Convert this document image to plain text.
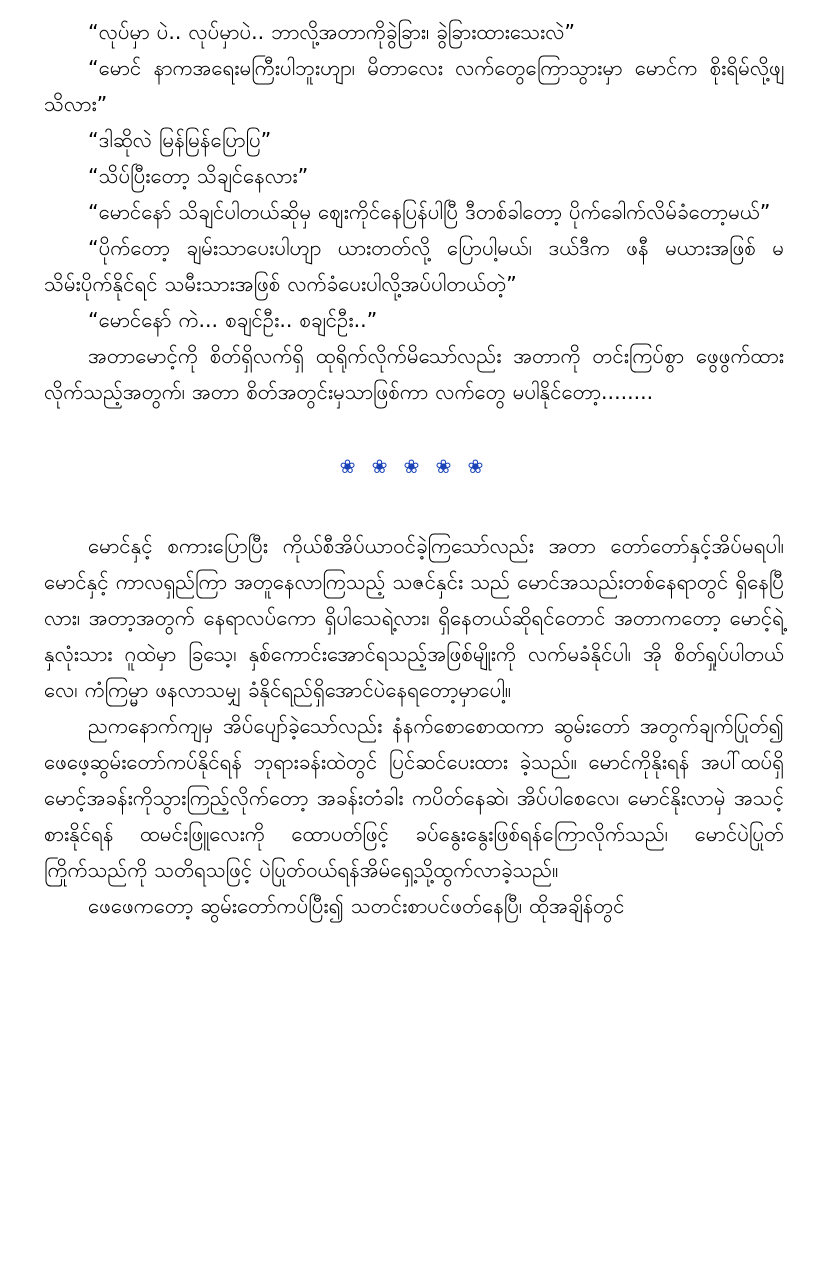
“လုပ်မှာ ပဲ.. လုပ်မှာပဲ.. ဘာလို့အတာကိုခွဲခြား၊ ခွဲခြားထားသေးလဲ”

“မောင် နာကအရေးမကြီးပါဘူးဟျာ၊ မိတာလေး လက်တွေကြောသွားမှာ မောင်က စိုးရိမ်လို့ဖျ သိလား”

“ဒါဆိုလဲ မြန်မြန်ပြောပြ”

“သိပ်ပြီးတော့ သိချင်နေလား”

“မောင်နော် သိချင်ပါတယ်ဆိုမှ ဈေးကိုင်နေပြန်ပါပြီ ဒီတစ်ခါတော့ ပိုက်ခေါက်လိမ်ခံတော့မယ်”

“ပိုက်တော့ ချမ်းသာပေးပါဟျာ ယားတတ်လို့ ပြောပါ့မယ်၊ ဒယ်ဒီက ဖနီ မယားအဖြစ် မသိမ်းပိုက်နိုင်ရင် သမီးသားအဖြစ် လက်ခံပေးပါလို့အပ်ပါတယ်တဲ့”

“မောင်နော် ကဲ... စချင်ဦး.. စချင်ဦး..”

အတာမောင့်ကို စိတ်ရှိလက်ရှိ ထုရိုက်လိုက်မိသော်လည်း အတာကို တင်းကြပ်စွာ ဖွေဖွက်ထားလိုက်သည့်အတွက်၊ အတာ စိတ်အတွင်းမှသာဖြစ်ကာ လက်တွေ မပါနိုင်တော့........

❀ ❀ ❀ ❀ ❀

မောင်နှင့် စကားပြောပြီး ကိုယ်စီအိပ်ယာဝင်ခဲ့ကြသော်လည်း အတာ တော်တော်နှင့်အိပ်မရပါ၊ မောင်နှင့် ကာလရှည်ကြာ အတူနေလာကြသည့် သဇင်နှင်း သည် မောင်အသည်းတစ်နေရာတွင် ရှိနေပြီလား၊ အတာ့အတွက် နေရာလပ်ကော ရှိပါသေရဲ့လား၊ ရှိနေတယ်ဆိုရင်တောင် အတာကတော့ မောင့်ရဲ့နှလုံးသား ဂူထဲမှာ ခြသေ့၊ နှစ်ကောင်းအောင်ရသည့်အဖြစ်မျိုးကို လက်မခံနိုင်ပါ၊ အို စိတ်ရှုပ်ပါတယ်လေ၊ ကံကြမ္မာ ဖနလာသမျှ ခံနိုင်ရည်ရှိအောင်ပဲနေရတော့မှာပေါ့။

ညကနောက်ကျမှ အိပ်ပျော်ခဲ့သော်လည်း နံနက်စောစောထကာ ဆွမ်းတော် အတွက်ချက်ပြုတ်၍ ဖေဖေ့ဆွမ်းတော်ကပ်နိုင်ရန် ဘုရားခန်းထဲတွင် ပြင်ဆင်ပေးထား ခဲ့သည်။ မောင်ကိုနိုးရန် အပါ်ထပ်ရှိ မောင့်အခန်းကိုသွားကြည့်လိုက်တော့ အခန်းတံခါး ကပိတ်နေဆဲ၊ အိပ်ပါစေလေ၊ မောင်နိုးလာမှဲ အသင့်စားနိုင်ရန် ထမင်းဖြူလေးကို ထောပတ်ဖြင့် ခပ်နွေးနွေးဖြစ်ရန်ကြောလိုက်သည်၊ မောင်ပဲပြုတ် ကြိုက်သည်ကို သတိရသဖြင့် ပဲပြုတ်ဝယ်ရန်အိမ်ရှေ့သို့ထွက်လာခဲ့သည်။

ဖေဖေကတော့ ဆွမ်းတော်ကပ်ပြီး၍ သတင်းစာပင်ဖတ်နေပြီ၊ ထိုအချိန်တွင်
